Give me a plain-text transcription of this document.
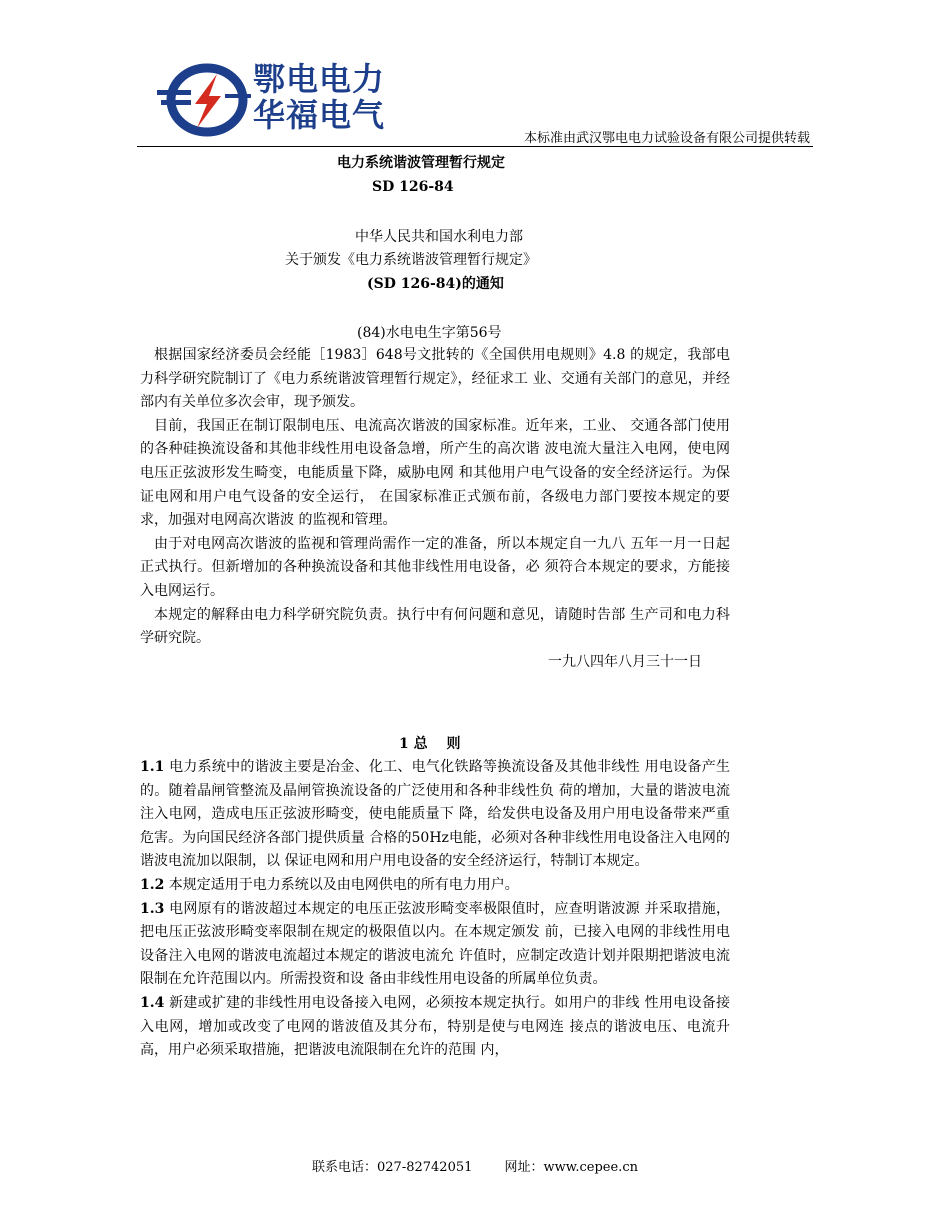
鄂电电力
华福电气
本标准由武汉鄂电电力试验设备有限公司提供转载
电力系统谐波管理暂行规定
SD 126-84
中华人民共和国水利电力部
关于颁发《电力系统谐波管理暂行规定》
(SD 126-84)的通知
(84)水电电生字第56号

根据国家经济委员会经能［1983］648号文批转的《全国供用电规则》4.8 的规定，我部电力科学研究院制订了《电力系统谐波管理暂行规定》，经征求工 业、交通有关部门的意见，并经部内有关单位多次会审，现予颁发。

目前，我国正在制订限制电压、电流高次谐波的国家标准。近年来，工业、 交通各部门使用的各种硅换流设备和其他非线性用电设备急增，所产生的高次谐 波电流大量注入电网，使电网电压正弦波形发生畸变，电能质量下降，威胁电网 和其他用户电气设备的安全经济运行。为保证电网和用户电气设备的安全运行， 在国家标准正式颁布前，各级电力部门要按本规定的要求，加强对电网高次谐波 的监视和管理。

由于对电网高次谐波的监视和管理尚需作一定的准备，所以本规定自一九八 五年一月一日起正式执行。但新增加的各种换流设备和其他非线性用电设备，必 须符合本规定的要求，方能接入电网运行。

本规定的解释由电力科学研究院负责。执行中有何问题和意见，请随时告部 生产司和电力科学研究院。

一九八四年八月三十一日

1 总　 则

1.1 电力系统中的谐波主要是冶金、化工、电气化铁路等换流设备及其他非线性 用电设备产生的。随着晶闸管整流及晶闸管换流设备的广泛使用和各种非线性负 荷的增加，大量的谐波电流注入电网，造成电压正弦波形畸变，使电能质量下 降，给发供电设备及用户用电设备带来严重危害。为向国民经济各部门提供质量 合格的50Hz电能，必须对各种非线性用电设备注入电网的谐波电流加以限制，以 保证电网和用户用电设备的安全经济运行，特制订本规定。

1.2 本规定适用于电力系统以及由电网供电的所有电力用户。

1.3 电网原有的谐波超过本规定的电压正弦波形畸变率极限值时，应查明谐波源 并采取措施，把电压正弦波形畸变率限制在规定的极限值以内。在本规定颁发 前，已接入电网的非线性用电设备注入电网的谐波电流超过本规定的谐波电流允 许值时，应制定改造计划并限期把谐波电流限制在允许范围以内。所需投资和设 备由非线性用电设备的所属单位负责。

1.4 新建或扩建的非线性用电设备接入电网，必须按本规定执行。如用户的非线 性用电设备接入电网，增加或改变了电网的谐波值及其分布，特别是使与电网连 接点的谐波电压、电流升高，用户必须采取措施，把谐波电流限制在允许的范围 内，

联系电话：027-82742051 网址：www.cepee.cn
